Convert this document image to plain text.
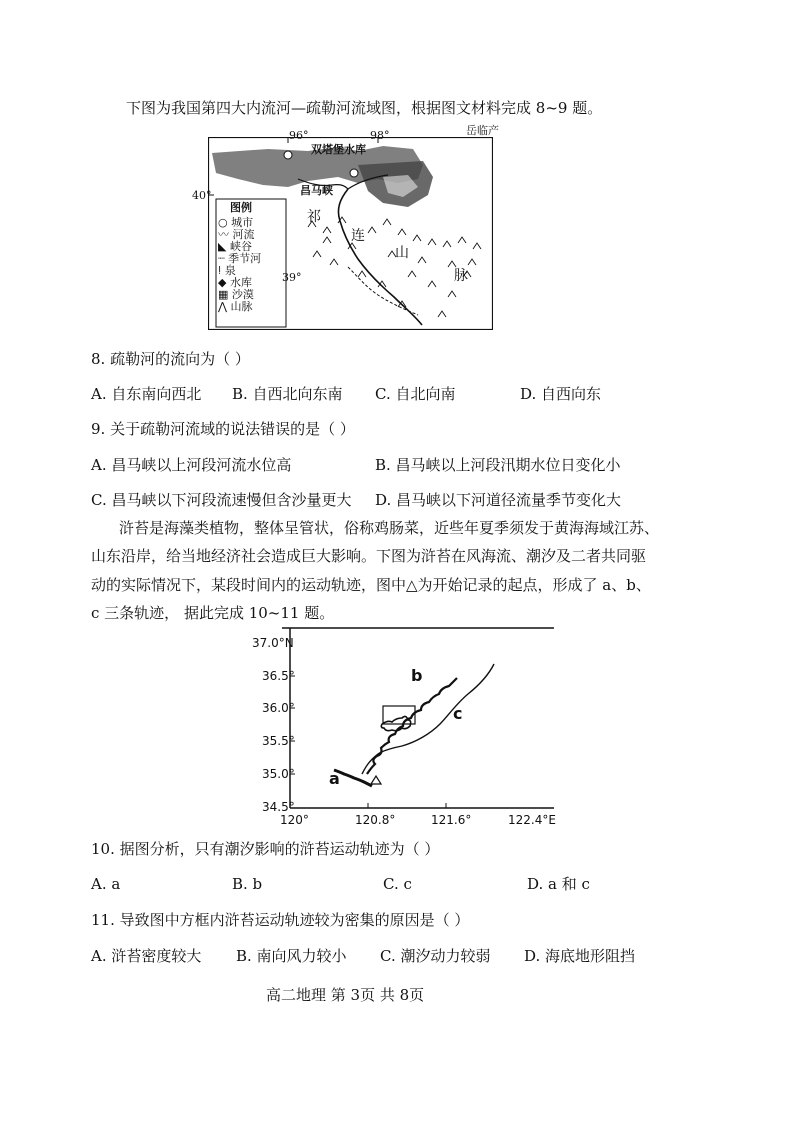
下图为我国第四大内流河—疏勒河流域图，根据图文材料完成 8~9 题。
岳临产
96°	98°
40°
39°
双塔堡水库
昌马峡
祁
连
山
脉
图例
○ 城市
〰 河流
◣ 峡谷
┈ 季节河
ǃ 泉
◆ 水库
▦ 沙漠
⋀ 山脉
8. 疏勒河的流向为（ ）
A. 自东南向西北 B. 自西北向东南 C. 自北向南	D. 自西向东
9. 关于疏勒河流域的说法错误的是（ ）
A. 昌马峡以上河段河流水位高	B. 昌马峡以上河段汛期水位日变化小
C. 昌马峡以下河段流速慢但含沙量更大 D. 昌马峡以下河道径流量季节变化大
浒苔是海藻类植物，整体呈管状，俗称鸡肠菜，近些年夏季须发于黄海海域江苏、
山东沿岸，给当地经济社会造成巨大影响。下图为浒苔在风海流、潮汐及二者共同驱
动的实际情况下，某段时间内的运动轨迹，图中△为开始记录的起点，形成了 a、b、
c 三条轨迹， 据此完成 10~11 题。
37.0°N
36.5°
36.0°
35.5°
35.0°
34.5°
120°	120.8°	121.6°	122.4°E
a
b
c
10. 据图分析，只有潮汐影响的浒苔运动轨迹为（ ）
A. a	B. b	C. c	D. a 和 c
11. 导致图中方框内浒苔运动轨迹较为密集的原因是（ ）
A. 浒苔密度较大 B. 南向风力较小 C. 潮汐动力较弱 D. 海底地形阻挡
高二地理 第 3页 共 8页
